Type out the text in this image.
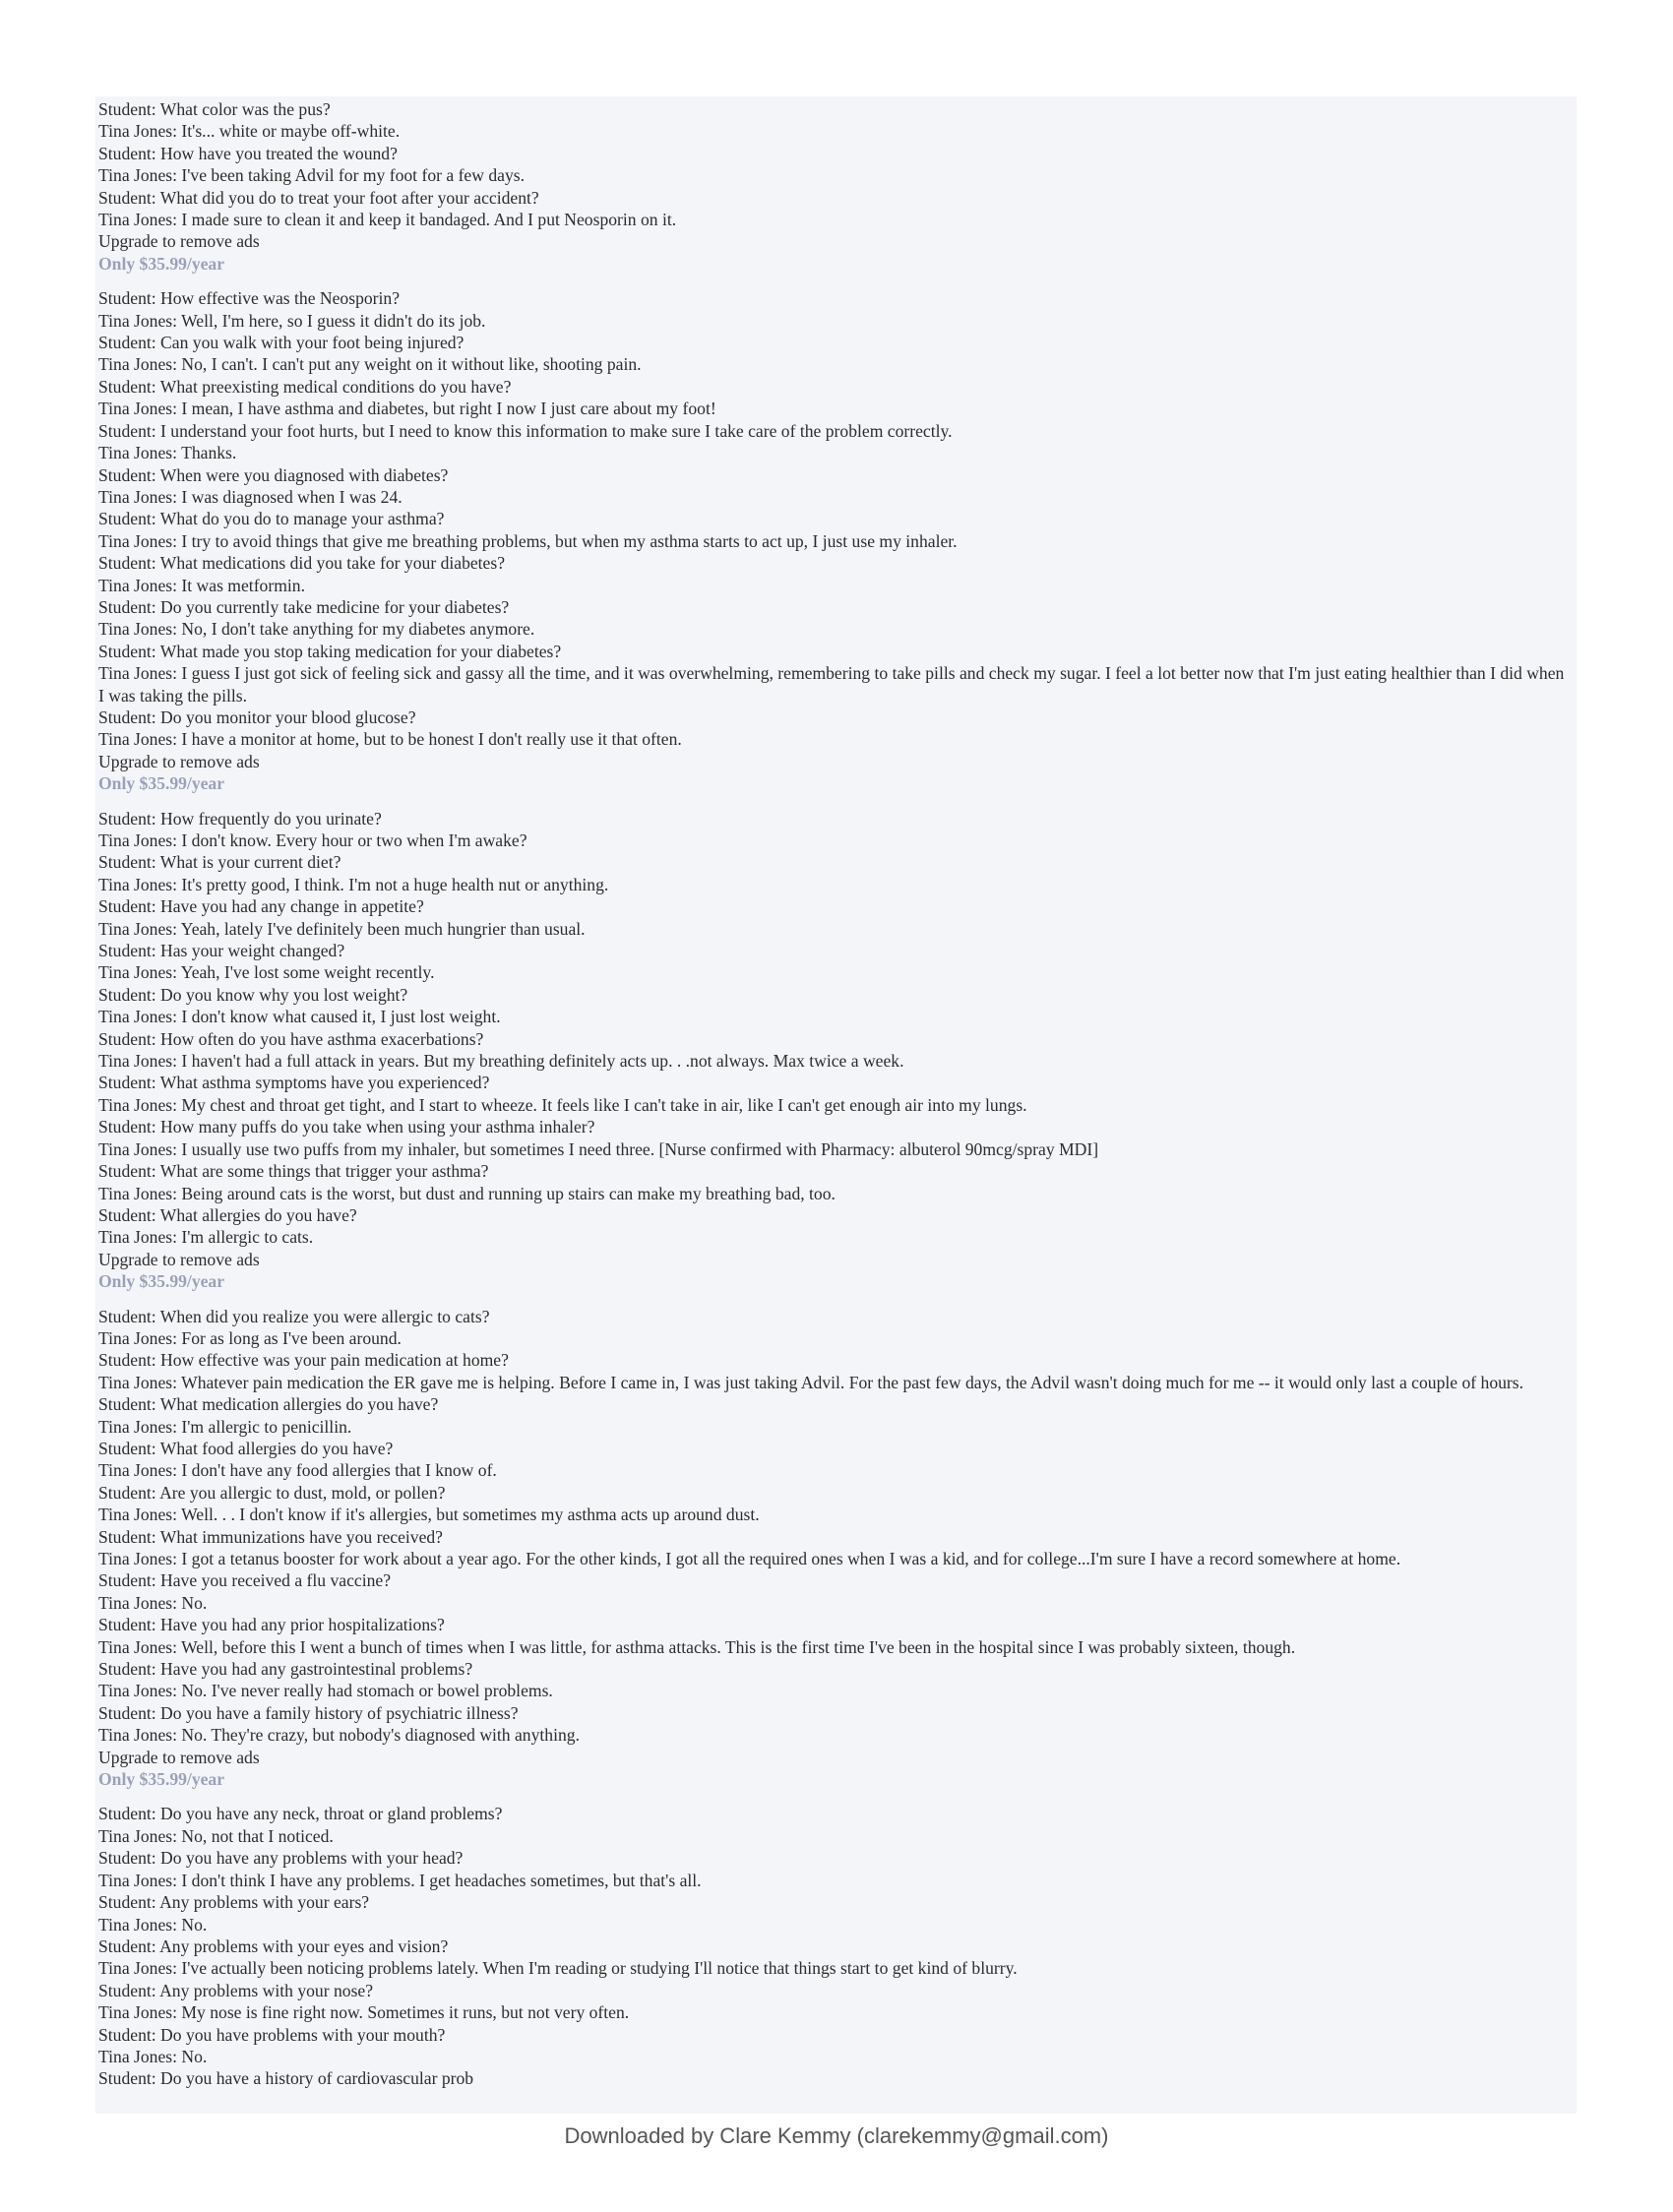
Student: What color was the pus?
Tina Jones: It's... white or maybe off-white.
Student: How have you treated the wound?
Tina Jones: I've been taking Advil for my foot for a few days.
Student: What did you do to treat your foot after your accident?
Tina Jones: I made sure to clean it and keep it bandaged. And I put Neosporin on it.
Upgrade to remove ads
Only $35.99/year
Student: How effective was the Neosporin?
Tina Jones: Well, I'm here, so I guess it didn't do its job.
Student: Can you walk with your foot being injured?
Tina Jones: No, I can't. I can't put any weight on it without like, shooting pain.
Student: What preexisting medical conditions do you have?
Tina Jones: I mean, I have asthma and diabetes, but right I now I just care about my foot!
Student: I understand your foot hurts, but I need to know this information to make sure I take care of the problem correctly.
Tina Jones: Thanks.
Student: When were you diagnosed with diabetes?
Tina Jones: I was diagnosed when I was 24.
Student: What do you do to manage your asthma?
Tina Jones: I try to avoid things that give me breathing problems, but when my asthma starts to act up, I just use my inhaler.
Student: What medications did you take for your diabetes?
Tina Jones: It was metformin.
Student: Do you currently take medicine for your diabetes?
Tina Jones: No, I don't take anything for my diabetes anymore.
Student: What made you stop taking medication for your diabetes?
Tina Jones: I guess I just got sick of feeling sick and gassy all the time, and it was overwhelming, remembering to take pills and check my sugar. I feel a lot better now that I'm just eating healthier than I did when I was taking the pills.
Student: Do you monitor your blood glucose?
Tina Jones: I have a monitor at home, but to be honest I don't really use it that often.
Upgrade to remove ads
Only $35.99/year
Student: How frequently do you urinate?
Tina Jones: I don't know. Every hour or two when I'm awake?
Student: What is your current diet?
Tina Jones: It's pretty good, I think. I'm not a huge health nut or anything.
Student: Have you had any change in appetite?
Tina Jones: Yeah, lately I've definitely been much hungrier than usual.
Student: Has your weight changed?
Tina Jones: Yeah, I've lost some weight recently.
Student: Do you know why you lost weight?
Tina Jones: I don't know what caused it, I just lost weight.
Student: How often do you have asthma exacerbations?
Tina Jones: I haven't had a full attack in years. But my breathing definitely acts up. . .not always. Max twice a week.
Student: What asthma symptoms have you experienced?
Tina Jones: My chest and throat get tight, and I start to wheeze. It feels like I can't take in air, like I can't get enough air into my lungs.
Student: How many puffs do you take when using your asthma inhaler?
Tina Jones: I usually use two puffs from my inhaler, but sometimes I need three. [Nurse confirmed with Pharmacy: albuterol 90mcg/spray MDI]
Student: What are some things that trigger your asthma?
Tina Jones: Being around cats is the worst, but dust and running up stairs can make my breathing bad, too.
Student: What allergies do you have?
Tina Jones: I'm allergic to cats.
Upgrade to remove ads
Only $35.99/year
Student: When did you realize you were allergic to cats?
Tina Jones: For as long as I've been around.
Student: How effective was your pain medication at home?
Tina Jones: Whatever pain medication the ER gave me is helping. Before I came in, I was just taking Advil. For the past few days, the Advil wasn't doing much for me -- it would only last a couple of hours.
Student: What medication allergies do you have?
Tina Jones: I'm allergic to penicillin.
Student: What food allergies do you have?
Tina Jones: I don't have any food allergies that I know of.
Student: Are you allergic to dust, mold, or pollen?
Tina Jones: Well. . . I don't know if it's allergies, but sometimes my asthma acts up around dust.
Student: What immunizations have you received?
Tina Jones: I got a tetanus booster for work about a year ago. For the other kinds, I got all the required ones when I was a kid, and for college...I'm sure I have a record somewhere at home.
Student: Have you received a flu vaccine?
Tina Jones: No.
Student: Have you had any prior hospitalizations?
Tina Jones: Well, before this I went a bunch of times when I was little, for asthma attacks. This is the first time I've been in the hospital since I was probably sixteen, though.
Student: Have you had any gastrointestinal problems?
Tina Jones: No. I've never really had stomach or bowel problems.
Student: Do you have a family history of psychiatric illness?
Tina Jones: No. They're crazy, but nobody's diagnosed with anything.
Upgrade to remove ads
Only $35.99/year
Student: Do you have any neck, throat or gland problems?
Tina Jones: No, not that I noticed.
Student: Do you have any problems with your head?
Tina Jones: I don't think I have any problems. I get headaches sometimes, but that's all.
Student: Any problems with your ears?
Tina Jones: No.
Student: Any problems with your eyes and vision?
Tina Jones: I've actually been noticing problems lately. When I'm reading or studying I'll notice that things start to get kind of blurry.
Student: Any problems with your nose?
Tina Jones: My nose is fine right now. Sometimes it runs, but not very often.
Student: Do you have problems with your mouth?
Tina Jones: No.
Student: Do you have a history of cardiovascular prob
Downloaded by Clare Kemmy (clarekemmy@gmail.com)
